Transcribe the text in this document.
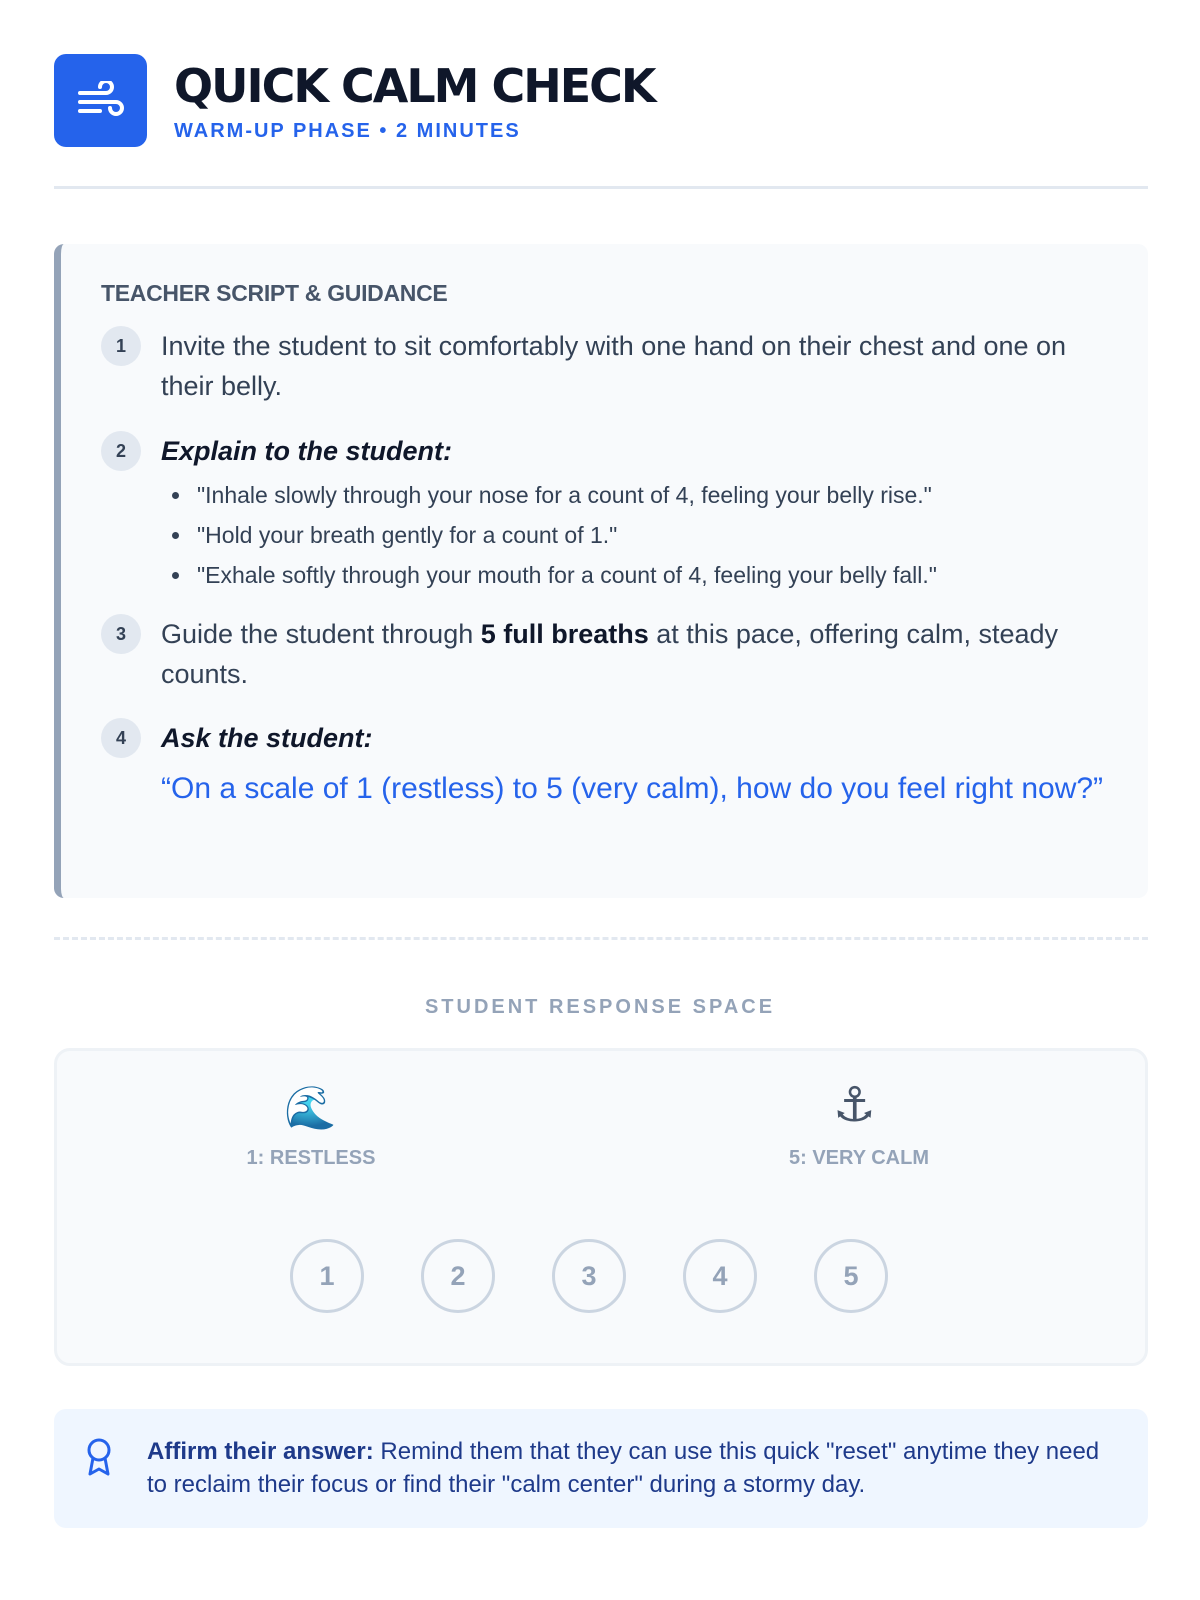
QUICK CALM CHECK
WARM-UP PHASE • 2 MINUTES
TEACHER SCRIPT & GUIDANCE
1	Invite the student to sit comfortably with one hand on their chest and one on their belly.
2	Explain to the student:
• "Inhale slowly through your nose for a count of 4, feeling your belly rise."
• "Hold your breath gently for a count of 1."
• "Exhale softly through your mouth for a count of 4, feeling your belly fall."
3	Guide the student through 5 full breaths at this pace, offering calm, steady counts.
4	Ask the student:
“On a scale of 1 (restless) to 5 (very calm), how do you feel right now?”
STUDENT RESPONSE SPACE
🌊
1: RESTLESS
⚓
5: VERY CALM
1	2	3	4	5
Affirm their answer: Remind them that they can use this quick "reset" anytime they need to reclaim their focus or find their "calm center" during a stormy day.
